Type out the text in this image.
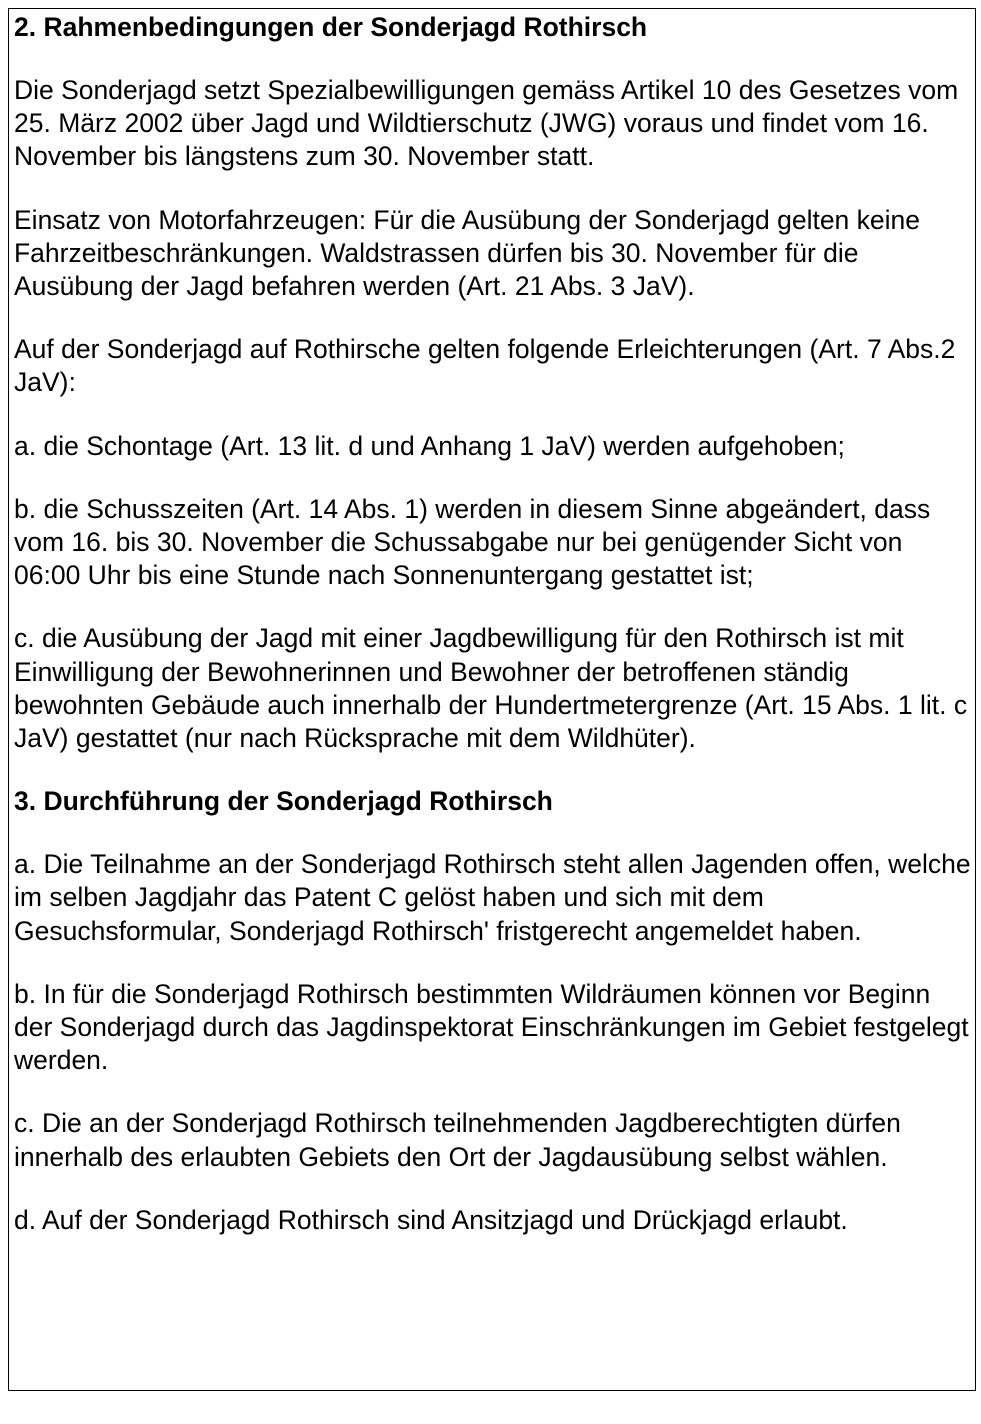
2. Rahmenbedingungen der Sonderjagd Rothirsch

Die Sonderjagd setzt Spezialbewilligungen gemäss Artikel 10 des Gesetzes vom 25. März 2002 über Jagd und Wildtierschutz (JWG) voraus und findet vom 16. November bis längstens zum 30. November statt.

Einsatz von Motorfahrzeugen: Für die Ausübung der Sonderjagd gelten keine Fahrzeitbeschränkungen. Waldstrassen dürfen bis 30. November für die Ausübung der Jagd befahren werden (Art. 21 Abs. 3 JaV).

Auf der Sonderjagd auf Rothirsche gelten folgende Erleichterungen (Art. 7 Abs.2 JaV):

a. die Schontage (Art. 13 lit. d und Anhang 1 JaV) werden aufgehoben;

b. die Schusszeiten (Art. 14 Abs. 1) werden in diesem Sinne abgeändert, dass vom 16. bis 30. November die Schussabgabe nur bei genügender Sicht von 06:00 Uhr bis eine Stunde nach Sonnenuntergang gestattet ist;

c. die Ausübung der Jagd mit einer Jagdbewilligung für den Rothirsch ist mit Einwilligung der Bewohnerinnen und Bewohner der betroffenen ständig bewohnten Gebäude auch innerhalb der Hundertmetergrenze (Art. 15 Abs. 1 lit. c JaV) gestattet (nur nach Rücksprache mit dem Wildhüter).

3. Durchführung der Sonderjagd Rothirsch

a. Die Teilnahme an der Sonderjagd Rothirsch steht allen Jagenden offen, welche im selben Jagdjahr das Patent C gelöst haben und sich mit dem Gesuchsformular, Sonderjagd Rothirsch' fristgerecht angemeldet haben.

b. In für die Sonderjagd Rothirsch bestimmten Wildräumen können vor Beginn der Sonderjagd durch das Jagdinspektorat Einschränkungen im Gebiet festgelegt werden.

c. Die an der Sonderjagd Rothirsch teilnehmenden Jagdberechtigten dürfen innerhalb des erlaubten Gebiets den Ort der Jagdausübung selbst wählen.

d. Auf der Sonderjagd Rothirsch sind Ansitzjagd und Drückjagd erlaubt.
